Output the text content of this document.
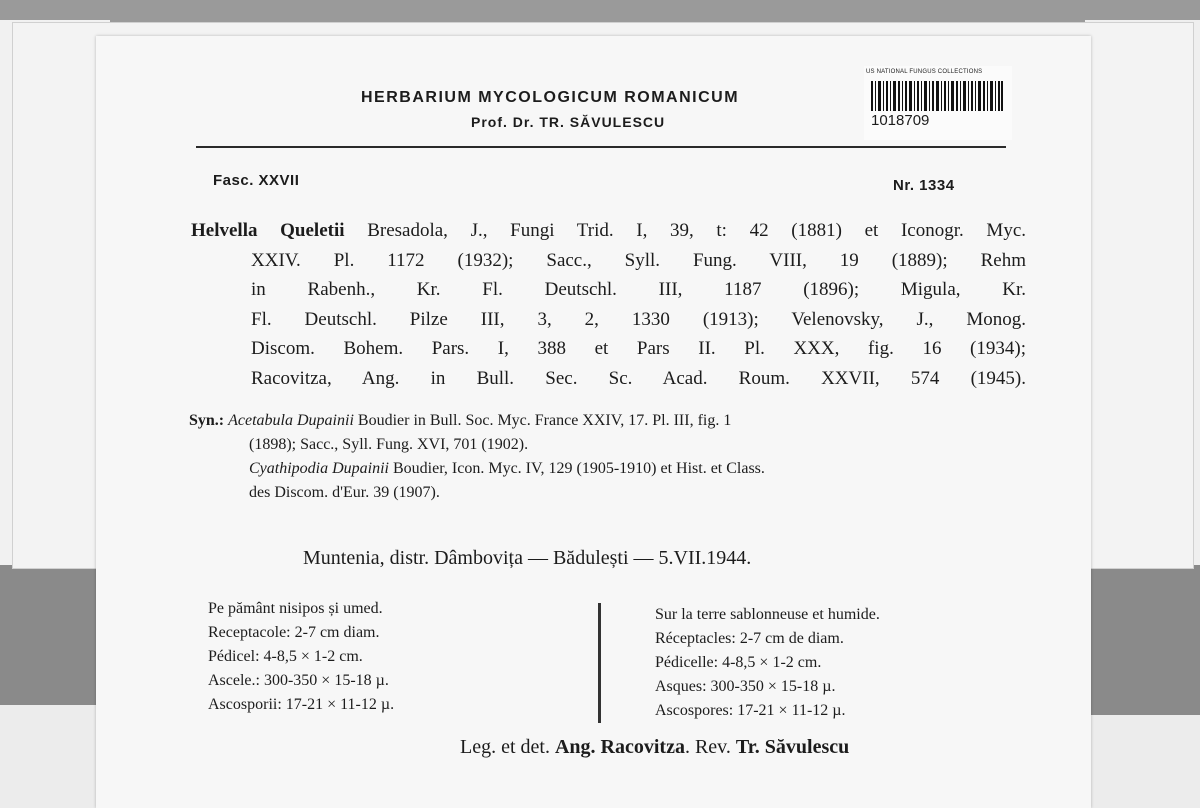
HERBARIUM MYCOLOGICUM ROMANICUM
Prof. Dr. TR. SĂVULESCU
US NATIONAL FUNGUS COLLECTIONS
1018709
Fasc. XXVII	Nr. 1334
Helvella Queletii Bresadola, J., Fungi Trid. I, 39, t: 42 (1881) et Iconogr. Myc.
XXIV. Pl. 1172 (1932); Sacc., Syll. Fung. VIII, 19 (1889); Rehm
in Rabenh., Kr. Fl. Deutschl. III, 1187 (1896); Migula, Kr.
Fl. Deutschl. Pilze III, 3, 2, 1330 (1913); Velenovsky, J., Monog.
Discom. Bohem. Pars. I, 388 et Pars II. Pl. XXX, fig. 16 (1934);
Racovitza, Ang. in Bull. Sec. Sc. Acad. Roum. XXVII, 574 (1945).
Syn.: Acetabula Dupainii Boudier in Bull. Soc. Myc. France XXIV, 17. Pl. III, fig. 1
(1898); Sacc., Syll. Fung. XVI, 701 (1902).
Cyathipodia Dupainii Boudier, Icon. Myc. IV, 129 (1905-1910) et Hist. et Class.
des Discom. d'Eur. 39 (1907).
Muntenia, distr. Dâmbovița — Bădulești — 5.VII.1944.
Pe pământ nisipos și umed.
Receptacole: 2-7 cm diam.
Pédicel: 4-8,5 × 1-2 cm.
Ascele.: 300-350 × 15-18 µ.
Ascosporii: 17-21 × 11-12 µ.
Sur la terre sablonneuse et humide.
Réceptacles: 2-7 cm de diam.
Pédicelle: 4-8,5 × 1-2 cm.
Asques: 300-350 × 15-18 µ.
Ascospores: 17-21 × 11-12 µ.
Leg. et det. Ang. Racovitza. Rev. Tr. Săvulescu
